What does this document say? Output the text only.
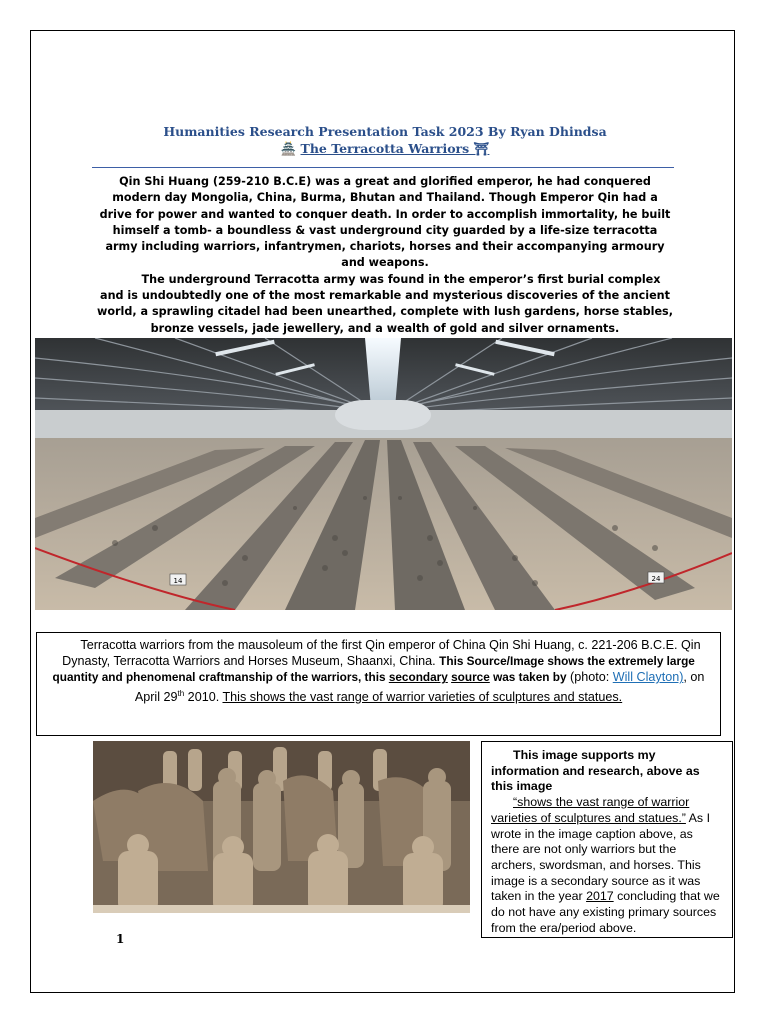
Humanities Research Presentation Task 2023 By Ryan Dhindsa
🏯 The Terracotta Warriors ⛩

Qin Shi Huang (259-210 B.C.E) was a great and glorified emperor, he had conquered modern day Mongolia, China, Burma, Bhutan and Thailand. Though Emperor Qin had a drive for power and wanted to conquer death. In order to accomplish immortality, he built himself a tomb- a boundless & vast underground city guarded by a life-size terracotta army including warriors, infantrymen, chariots, horses and their accompanying armoury and weapons.

The underground Terracotta army was found in the emperor’s first burial complex and is undoubtedly one of the most remarkable and mysterious discoveries of the ancient world, a sprawling citadel had been unearthed, complete with lush gardens, horse stables, bronze vessels, jade jewellery, and a wealth of gold and silver ornaments.

14	24
Terracotta warriors from the mausoleum of the first Qin emperor of China Qin Shi Huang, c. 221-206 B.C.E. Qin Dynasty, Terracotta Warriors and Horses Museum, Shaanxi, China. This Source/Image shows the extremely large quantity and phenomenal craftmanship of the warriors, this secondary source was taken by (photo: Will Clayton), on April 29th 2010. This shows the vast range of warrior varieties of sculptures and statues.
This image supports my information and research, above as this image
“shows the vast range of warrior varieties of sculptures and statues.” As I wrote in the image caption above, as there are not only warriors but the archers, swordsman, and horses. This image is a secondary source as it was taken in the year 2017 concluding that we do not have any existing primary sources from the era/period above.
1
